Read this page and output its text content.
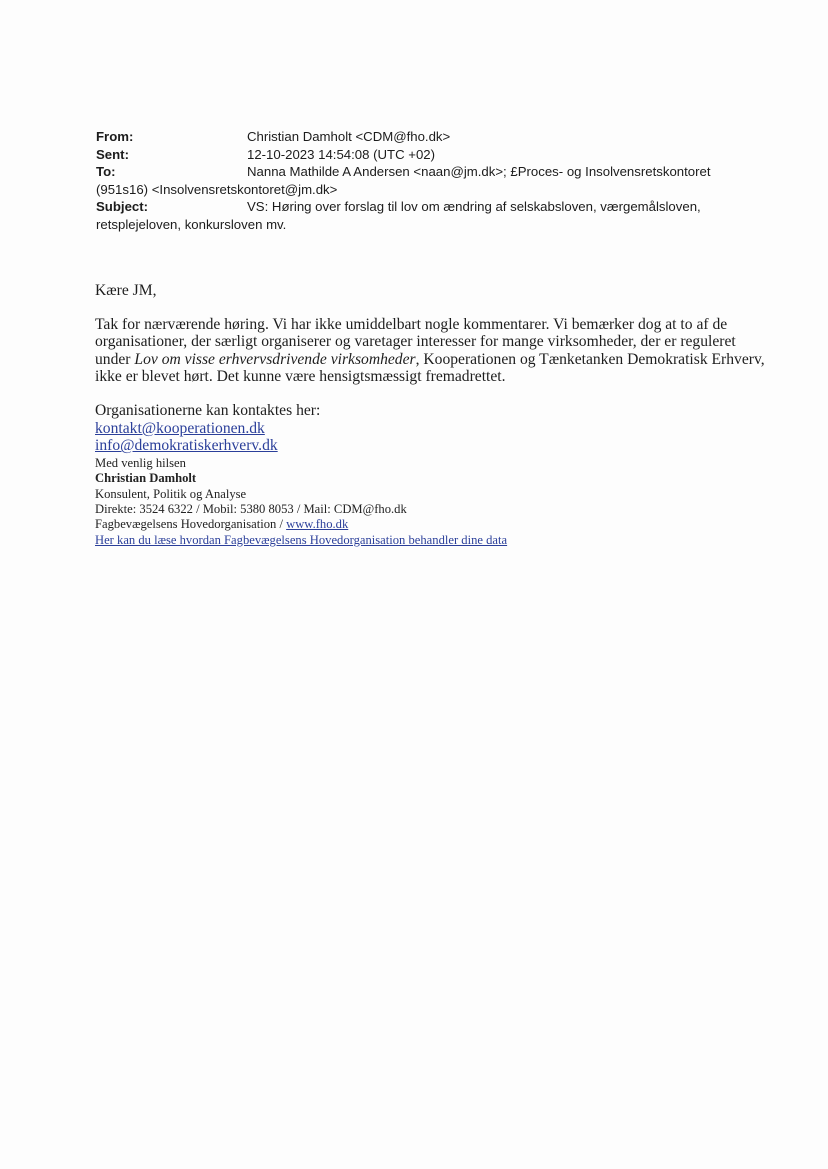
From:	Christian Damholt <CDM@fho.dk>
Sent:	12-10-2023 14:54:08 (UTC +02)
To:	Nanna Mathilde A Andersen <naan@jm.dk>; £Proces- og Insolvensretskontoret
(951s16) <Insolvensretskontoret@jm.dk>
Subject:	VS: Høring over forslag til lov om ændring af selskabsloven, værgemålsloven,
retsplejeloven, konkursloven mv.

Kære JM,

Tak for nærværende høring. Vi har ikke umiddelbart nogle kommentarer. Vi bemærker dog at to af de organisationer, der særligt organiserer og varetager interesser for mange virksomheder, der er reguleret under Lov om visse erhvervsdrivende virksomheder, Kooperationen og Tænketanken Demokratisk Erhverv, ikke er blevet hørt. Det kunne være hensigtsmæssigt fremadrettet.

Organisationerne kan kontaktes her:

kontakt@kooperationen.dk
info@demokratiskerhverv.dk
Med venlig hilsen
Christian Damholt
Konsulent, Politik og Analyse
Direkte: 3524 6322 / Mobil: 5380 8053 / Mail: CDM@fho.dk
Fagbevægelsens Hovedorganisation / www.fho.dk
Her kan du læse hvordan Fagbevægelsens Hovedorganisation behandler dine data
